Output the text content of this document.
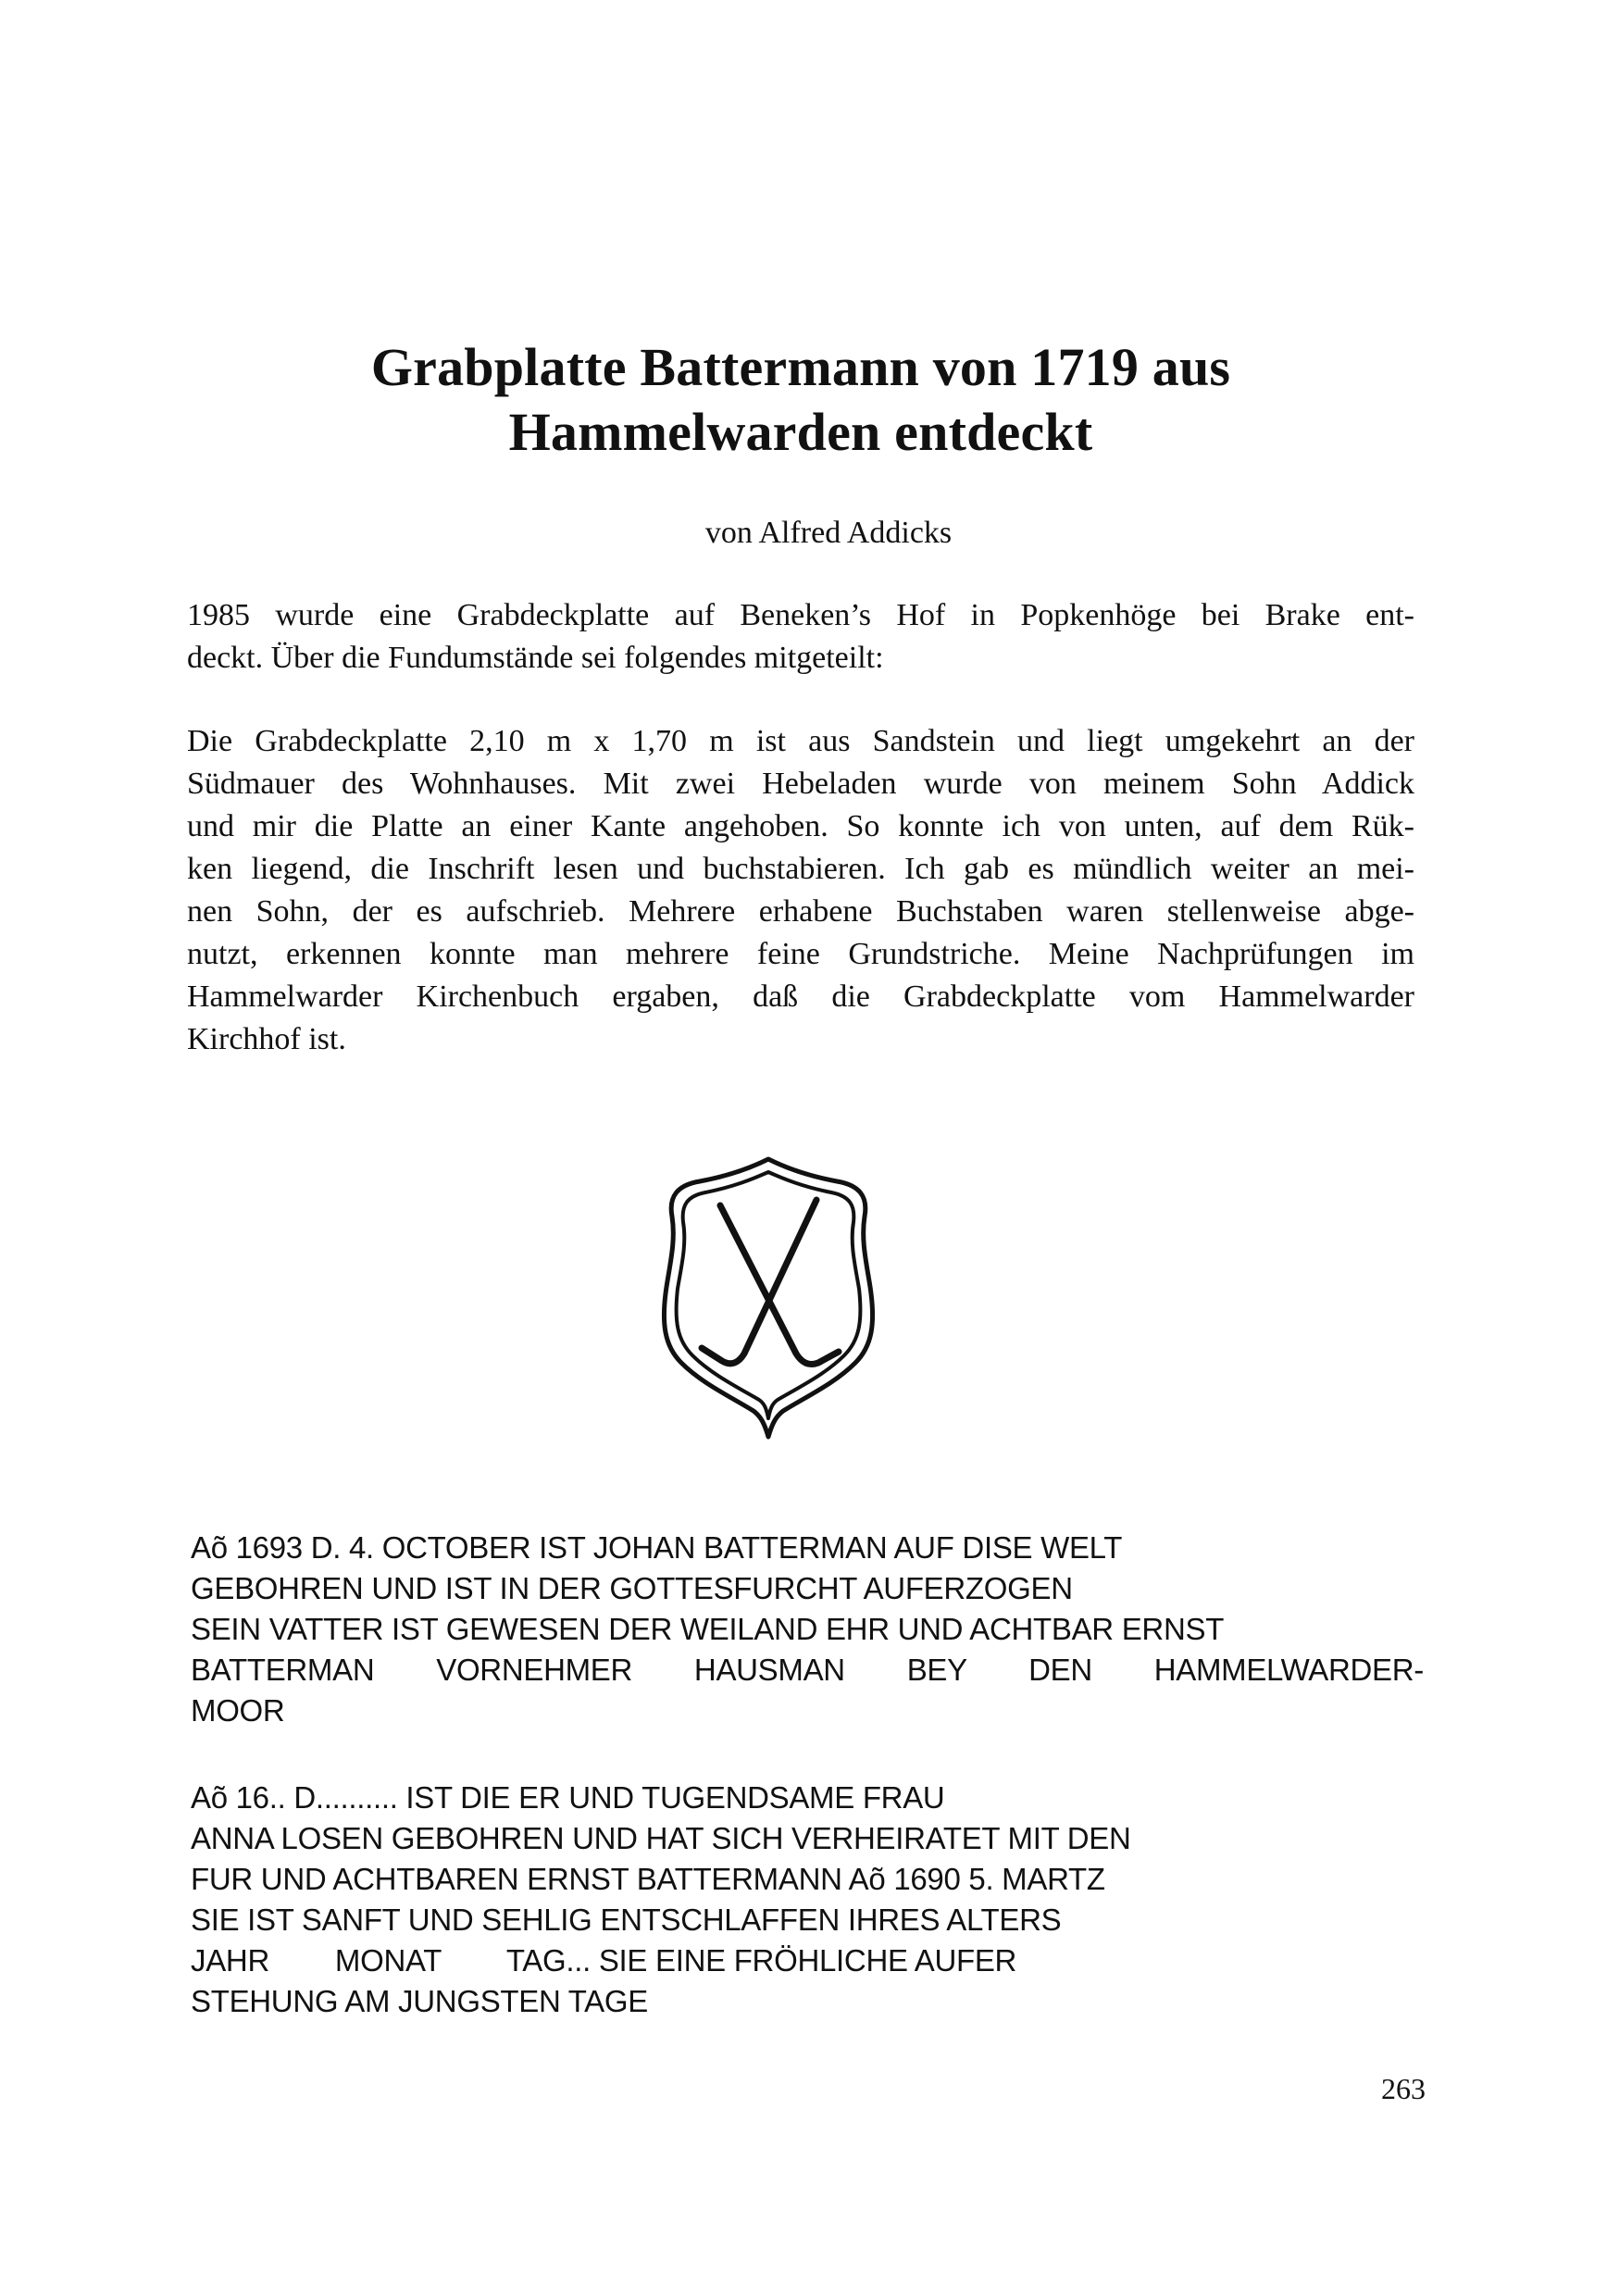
Grabplatte Battermann von 1719 aus
Hammelwarden entdeckt
von Alfred Addicks
1985 wurde eine Grabdeckplatte auf Beneken’s Hof in Popkenhöge bei Brake ent-
deckt. Über die Fundumstände sei folgendes mitgeteilt:
Die Grabdeckplatte 2,10 m x 1,70 m ist aus Sandstein und liegt umgekehrt an der
Südmauer des Wohnhauses. Mit zwei Hebeladen wurde von meinem Sohn Addick
und mir die Platte an einer Kante angehoben. So konnte ich von unten, auf dem Rük-
ken liegend, die Inschrift lesen und buchstabieren. Ich gab es mündlich weiter an mei-
nen Sohn, der es aufschrieb. Mehrere erhabene Buchstaben waren stellenweise abge-
nutzt, erkennen konnte man mehrere feine Grundstriche. Meine Nachprüfungen im
Hammelwarder Kirchenbuch ergaben, daß die Grabdeckplatte vom Hammelwarder
Kirchhof ist.
Aõ 1693 D. 4. OCTOBER IST JOHAN BATTERMAN AUF DISE WELT
GEBOHREN UND IST IN DER GOTTESFURCHT AUFERZOGEN
SEIN VATTER IST GEWESEN DER WEILAND EHR UND ACHTBAR ERNST
BATTERMAN VORNEHMER HAUSMAN BEY DEN HAMMELWARDER-
MOOR
Aõ 16.. D.......... IST DIE ER UND TUGENDSAME FRAU
ANNA LOSEN GEBOHREN UND HAT SICH VERHEIRATET MIT DEN
FUR UND ACHTBAREN ERNST BATTERMANN Aõ 1690 5. MARTZ
SIE IST SANFT UND SEHLIG ENTSCHLAFFEN IHRES ALTERS
JAHR        MONAT        TAG... SIE EINE FRÖHLICHE AUFER
STEHUNG AM JUNGSTEN TAGE
263
